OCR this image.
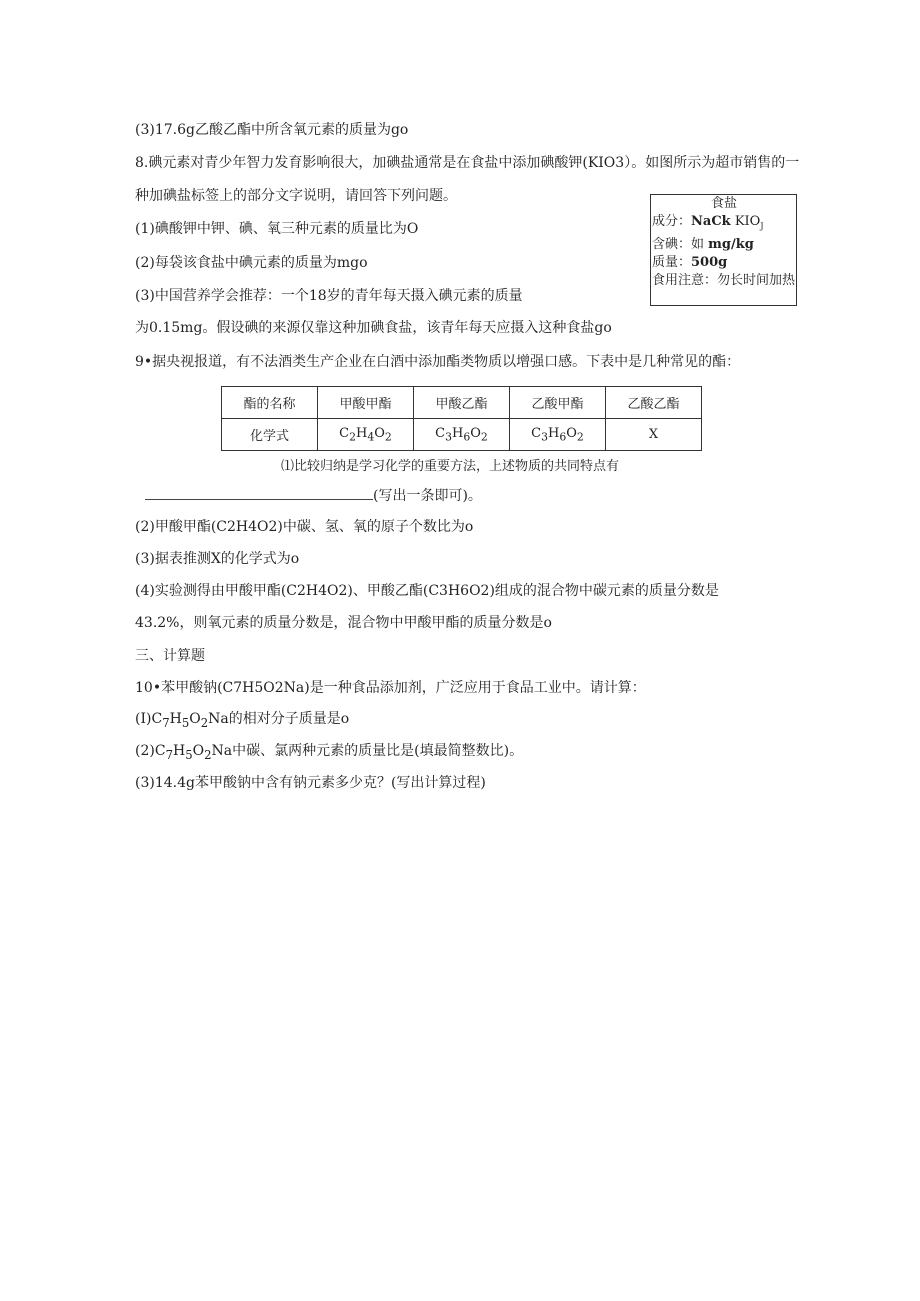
(3)17.6g乙酸乙酯中所含氧元素的质量为go
8.碘元素对青少年智力发育影响很大，加碘盐通常是在食盐中添加碘酸钾(KIO3）。如图所示为超市销售的一
种加碘盐标签上的部分文字说明，请回答下列问题。	食盐
成分：NaCk $KIO_J$
含碘：如 mg/kg
质量：500g
食用注意：勿长时间加热
(1)碘酸钾中钾、碘、氧三种元素的质量比为O
(2)每袋该食盐中碘元素的质量为mgo
(3)中国营养学会推荐：一个18岁的青年每天摄入碘元素的质量
为0.15mg。假设碘的来源仅靠这种加碘食盐，该青年每天应摄入这种食盐go
9•据央视报道，有不法酒类生产企业在白酒中添加酯类物质以增强口感。下表中是几种常见的酯：
酯的名称	甲酸甲酯	甲酸乙酯	乙酸甲酯	乙酸乙酯
化学式	$C_2H_4O_2$	$C_3H_6O_2$	$C_3H_6O_2$	X
⑴比较归纳是学习化学的重要方法，上述物质的共同特点有
(写出一条即可)。
(2)甲酸甲酯(C2H4O2)中碳、氢、氧的原子个数比为o
(3)据表推测X的化学式为o
(4)实验测得由甲酸甲酯(C2H4O2)、甲酸乙酯(C3H6O2)组成的混合物中碳元素的质量分数是
43.2%，则氧元素的质量分数是，混合物中甲酸甲酯的质量分数是o
三、计算题
10•苯甲酸钠(C7H5O2Na)是一种食品添加剂，广泛应用于食品工业中。请计算：
$(I)C_7H_5O_2Na$的相对分子质量是o
$(2)C_7H_5O_2Na$中碳、氯两种元素的质量比是(填最简整数比)。
(3)14.4g苯甲酸钠中含有钠元素多少克？(写出计算过程)
